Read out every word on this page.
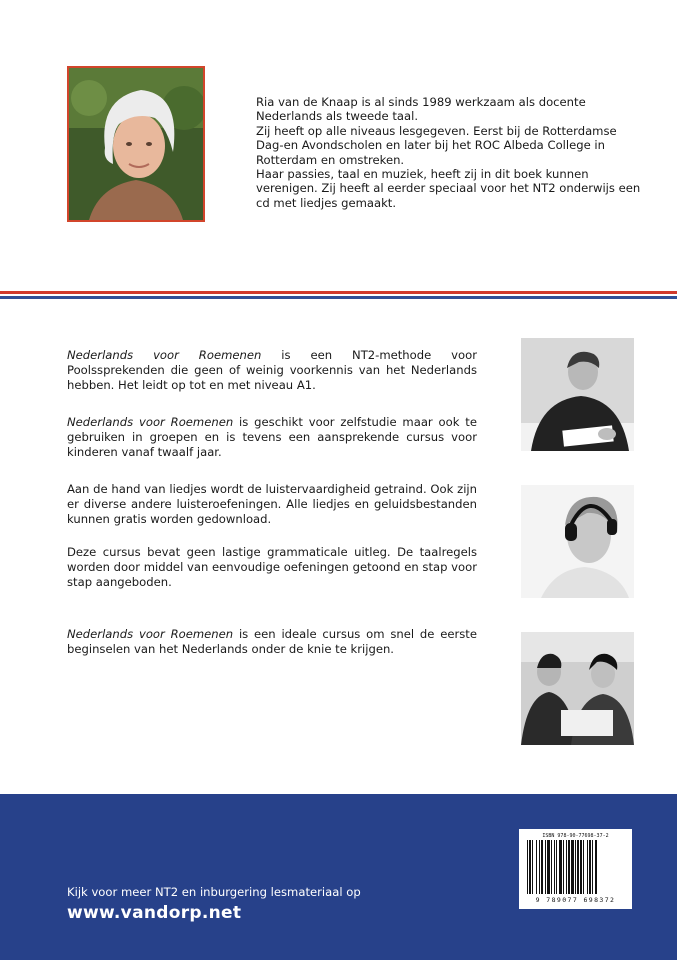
Ria van de Knaap is al sinds 1989 werkzaam als docente Nederlands als tweede taal.

Zij heeft op alle niveaus lesgegeven. Eerst bij de Rotterdamse Dag-en Avondscholen en later bij het ROC Albeda College in Rotterdam en omstreken.

Haar passies, taal en muziek, heeft zij in dit boek kunnen verenigen. Zij heeft al eerder speciaal voor het NT2 onderwijs een cd met liedjes gemaakt.

Nederlands voor Roemenen is een NT2-methode voor Poolssprekenden die geen of weinig voorkennis van het Nederlands hebben. Het leidt op tot en met niveau A1.

Nederlands voor Roemenen is geschikt voor zelfstudie maar ook te gebruiken in groepen en is tevens een aansprekende cursus voor kinderen vanaf twaalf jaar.

Aan de hand van liedjes wordt de luistervaardigheid getraind. Ook zijn er diverse andere luisteroefeningen. Alle liedjes en geluidsbestanden kunnen gratis worden gedownload.

Deze cursus bevat geen lastige grammaticale uitleg. De taalregels worden door middel van eenvoudige oefeningen getoond en stap voor stap aangeboden.

Nederlands voor Roemenen is een ideale cursus om snel de eerste beginselen van het Nederlands onder de knie te krijgen.

ISBN 978-90-77698-37-2
9 789077 698372
Kijk voor meer NT2 en inburgering lesmateriaal op
www.vandorp.net
